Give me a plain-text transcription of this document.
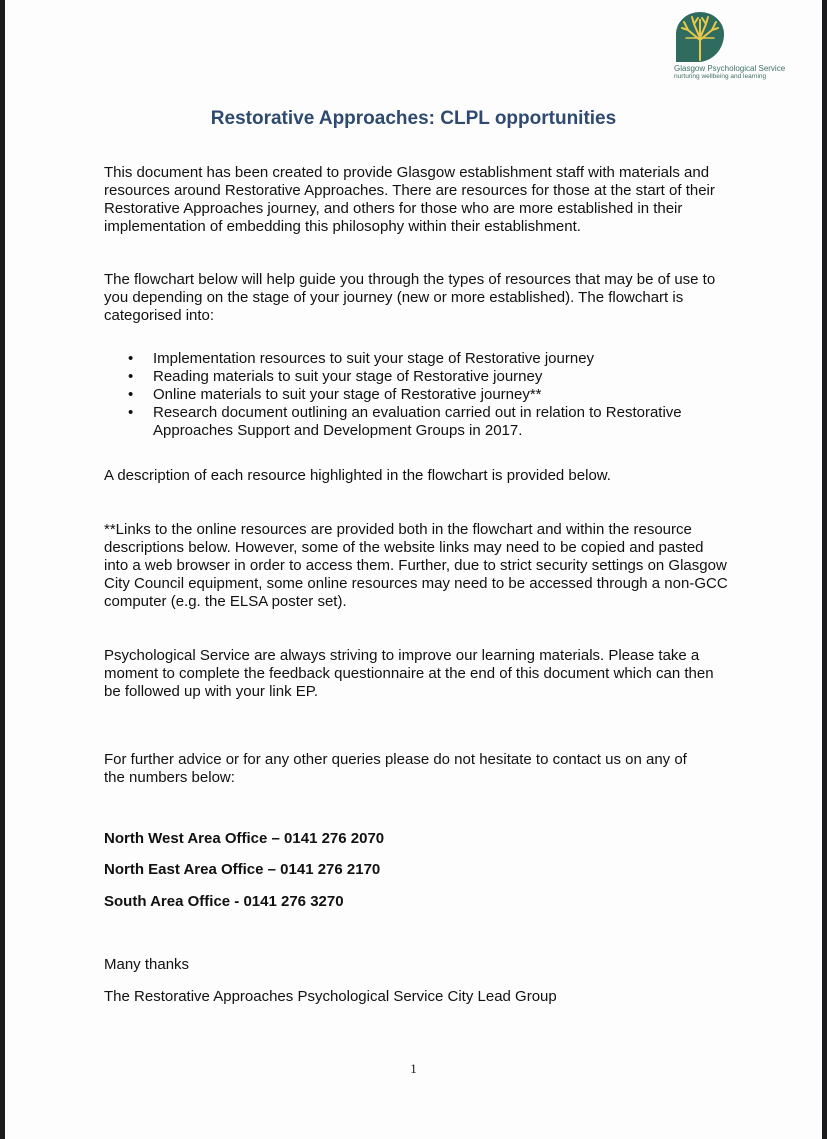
Glasgow Psychological Service
nurturing wellbeing and learning
Restorative Approaches: CLPL opportunities
This document has been created to provide Glasgow establishment staff with materials and resources around Restorative Approaches. There are resources for those at the start of their Restorative Approaches journey, and others for those who are more established in their implementation of embedding this philosophy within their establishment.
The flowchart below will help guide you through the types of resources that may be of use to you depending on the stage of your journey (new or more established). The flowchart is categorised into:
• Implementation resources to suit your stage of Restorative journey
• Reading materials to suit your stage of Restorative journey
• Online materials to suit your stage of Restorative journey**
• Research document outlining an evaluation carried out in relation to Restorative Approaches Support and Development Groups in 2017.
A description of each resource highlighted in the flowchart is provided below.
**Links to the online resources are provided both in the flowchart and within the resource descriptions below. However, some of the website links may need to be copied and pasted into a web browser in order to access them. Further, due to strict security settings on Glasgow City Council equipment, some online resources may need to be accessed through a non-GCC computer (e.g. the ELSA poster set).
Psychological Service are always striving to improve our learning materials. Please take a moment to complete the feedback questionnaire at the end of this document which can then be followed up with your link EP.
For further advice or for any other queries please do not hesitate to contact us on any of the numbers below:
North West Area Office – 0141 276 2070
North East Area Office – 0141 276 2170
South Area Office - 0141 276 3270
Many thanks
The Restorative Approaches Psychological Service City Lead Group
1
